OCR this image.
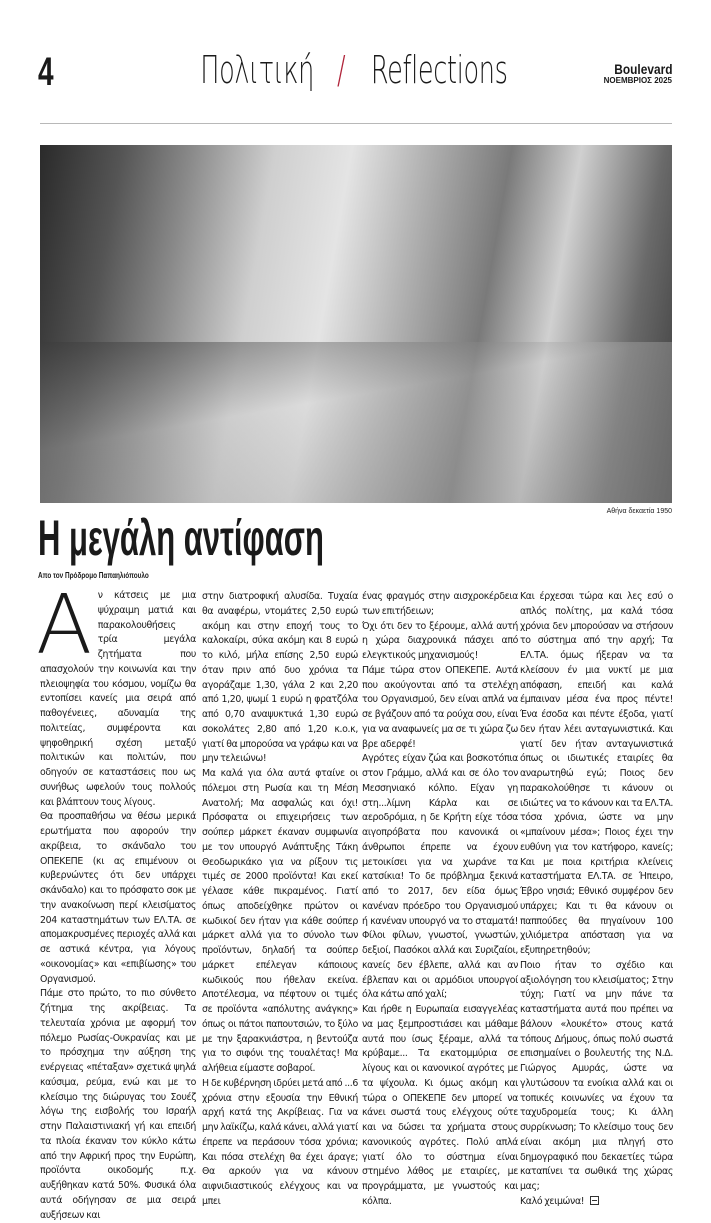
4	Πολιτική / Reflections	Boulevard
ΝΟΕΜΒΡΙΟΣ 2025
Αθήνα δεκαετία 1950
Η μεγάλη αντίφαση
Απο τον Πρόδρομο Παπαηλιόπουλο
Α ν κάτσεις με μια ψύχραιμη ματιά και παρακολουθήσεις τρία μεγάλα ζητήματα που απασχολούν την κοινωνία και την πλειοψηφία του κόσμου, νομίζω θα εντοπίσει κανείς μια σειρά από παθογένειες, αδυναμία της πολιτείας, συμφέροντα και ψηφοθηρική σχέση μεταξύ πολιτικών και πολιτών, που οδηγούν σε καταστάσεις που ως συνήθως ωφελούν τους πολλούς και βλάπτουν τους λίγους.

Θα προσπαθήσω να θέσω μερικά ερωτήματα που αφορούν την ακρίβεια, το σκάνδαλο του ΟΠΕΚΕΠΕ (κι ας επιμένουν οι κυβερνώντες ότι δεν υπάρχει σκάνδαλο) και το πρόσφατο σοκ με την ανακοίνωση περί κλεισίματος 204 καταστημάτων των ΕΛ.ΤΑ. σε απομακρυσμένες περιοχές αλλά και σε αστικά κέντρα, για λόγους «οικονομίας» και «επιβίωσης» του Οργανισμού.

Πάμε στο πρώτο, το πιο σύνθετο ζήτημα της ακρίβειας. Τα τελευταία χρόνια με αφορμή τον πόλεμο Ρωσίας-Ουκρανίας και με το πρόσχημα την αύξηση της ενέργειας «πέταξαν» σχετικά ψηλά καύσιμα, ρεύμα, ενώ και με το κλείσιμο της διώρυγας του Σουέζ λόγω της εισβολής του Ισραήλ στην Παλαιστινιακή γή και επειδή τα πλοία έκαναν τον κύκλο κάτω από την Αφρική προς την Ευρώπη, προϊόντα οικοδομής π.χ. αυξήθηκαν κατά 50%. Φυσικά όλα αυτά οδήγησαν σε μια σειρά αυξήσεων και

στην διατροφική αλυσίδα. Τυχαία θα αναφέρω, ντομάτες 2,50 ευρώ ακόμη και στην εποχή τους το καλοκαίρι, σύκα ακόμη και 8 ευρώ το κιλό, μήλα επίσης 2,50 ευρώ όταν πριν από δυο χρόνια τα αγοράζαμε 1,30, γάλα 2 και 2,20 από 1,20, ψωμί 1 ευρώ η φρατζόλα από 0,70 αναψυκτικά 1,30 ευρώ σοκολάτες 2,80 από 1,20 κ.ο.κ, γιατί θα μπορούσα να γράφω και να μην τελειώνω!

Μα καλά για όλα αυτά φταίνε οι πόλεμοι στη Ρωσία και τη Μέση Ανατολή; Μα ασφαλώς και όχι! Πρόσφατα οι επιχειρήσεις των σούπερ μάρκετ έκαναν συμφωνία με τον υπουργό Ανάπτυξης Τάκη Θεοδωρικάκο για να ρίξουν τις τιμές σε 2000 προϊόντα! Και εκεί γέλασε κάθε πικραμένος. Γιατί όπως αποδείχθηκε πρώτον οι κωδικοί δεν ήταν για κάθε σούπερ μάρκετ αλλά για το σύνολο των προϊόντων, δηλαδή τα σούπερ μάρκετ επέλεγαν κάποιους κωδικούς που ήθελαν εκείνα. Αποτέλεσμα, να πέφτουν οι τιμές σε προϊόντα «απόλυτης ανάγκης» όπως οι πάτοι παπουτσιών, το ξύλο με την ξαρακνιάστρα, η βεντούζα για το σιφόνι της τουαλέτας! Μα αλήθεια είμαστε σοβαροί.

Η δε κυβέρνηση ιδρύει μετά από ...6 χρόνια στην εξουσία την Εθνική αρχή κατά της Ακρίβειας. Για να μην λαϊκίζω, καλά κάνει, αλλά γιατί έπρεπε να περάσουν τόσα χρόνια; Και πόσα στελέχη θα έχει άραγε; Θα αρκούν για να κάνουν αιφνιδιαστικούς ελέγχους και να μπει

ένας φραγμός στην αισχροκέρδεια των επιτήδειων;

Όχι ότι δεν το ξέρουμε, αλλά αυτή η χώρα διαχρονικά πάσχει από ελεγκτικούς μηχανισμούς!

Πάμε τώρα στον ΟΠΕΚΕΠΕ. Αυτά που ακούγονται από τα στελέχη του Οργανισμού, δεν είναι απλά να σε βγάζουν από τα ρούχα σου, είναι για να αναφωνείς μα σε τι χώρα ζω βρε αδερφέ!

Αγρότες είχαν ζώα και βοσκοτόπια στον Γράμμο, αλλά και σε όλο τον Μεσσηνιακό κόλπο. Είχαν γη στη...λίμνη Κάρλα και σε αεροδρόμια, η δε Κρήτη είχε τόσα αιγοπρόβατα που κανονικά οι άνθρωποι έπρεπε να έχουν μετοικίσει για να χωράνε τα κατσίκια! Το δε πρόβλημα ξεκινά από το 2017, δεν είδα όμως κανέναν πρόεδρο του Οργανισμού ή κανέναν υπουργό να το σταματά! Φίλοι φίλων, γνωστοί, γνωστών, δεξιοί, Πασόκοι αλλά και Συριζαίοι, κανείς δεν έβλεπε, αλλά και αν έβλεπαν και οι αρμόδιοι υπουργοί όλα κάτω από χαλί;

Και ήρθε η Ευρωπαία εισαγγελέας να μας ξεμπροστιάσει και μάθαμε αυτά που ίσως ξέραμε, αλλά τα κρύβαμε... Τα εκατομμύρια σε λίγους και οι κανονικοί αγρότες με τα ψίχουλα. Κι όμως ακόμη και τώρα ο ΟΠΕΚΕΠΕ δεν μπορεί να κάνει σωστά τους ελέγχους ούτε και να δώσει τα χρήματα στους κανονικούς αγρότες. Πολύ απλά γιατί όλο το σύστημα είναι στημένο λάθος με εταιρίες, με προγράμματα, με γνωστούς και κόλπα.

Και έρχεσαι τώρα και λες εσύ ο απλός πολίτης, μα καλά τόσα χρόνια δεν μπορούσαν να στήσουν το σύστημα από την αρχή; Τα ΕΛ.ΤΑ. όμως ήξεραν να τα κλείσουν έν μια νυκτί με μια απόφαση, επειδή και καλά έμπαιναν μέσα ένα προς πέντε! Ένα έσοδα και πέντε έξοδα, γιατί δεν ήταν λέει ανταγωνιστικά. Και γιατί δεν ήταν ανταγωνιστικά όπως οι ιδιωτικές εταιρίες θα αναρωτηθώ εγώ; Ποιος δεν παρακολούθησε τι κάνουν οι ιδιώτες να το κάνουν και τα ΕΛ.ΤΑ. τόσα χρόνια, ώστε να μην «μπαίνουν μέσα»; Ποιος έχει την ευθύνη για τον κατήφορο, κανείς; Και με ποια κριτήρια κλείνεις καταστήματα ΕΛ.ΤΑ. σε Ήπειρο, Έβρο νησιά; Εθνικό συμφέρον δεν υπάρχει; Και τι θα κάνουν οι παππούδες θα πηγαίνουν 100 χιλιόμετρα απόσταση για να εξυπηρετηθούν;

Ποιο ήταν το σχέδιο και αξιολόγηση του κλεισίματος; Στην τύχη; Γιατί να μην πάνε τα καταστήματα αυτά που πρέπει να βάλουν «λουκέτο» στους κατά τόπους Δήμους, όπως πολύ σωστά επισημαίνει ο βουλευτής της Ν.Δ. Γιώργος Αμυράς, ώστε να γλυτώσουν τα ενοίκια αλλά και οι τοπικές κοινωνίες να έχουν τα ταχυδρομεία τους; Κι άλλη συρρίκνωση; Το κλείσιμο τους δεν είναι ακόμη μια πληγή στο δημογραφικό που δεκαετίες τώρα καταπίνει τα σωθικά της χώρας μας;

Καλό χειμώνα!
